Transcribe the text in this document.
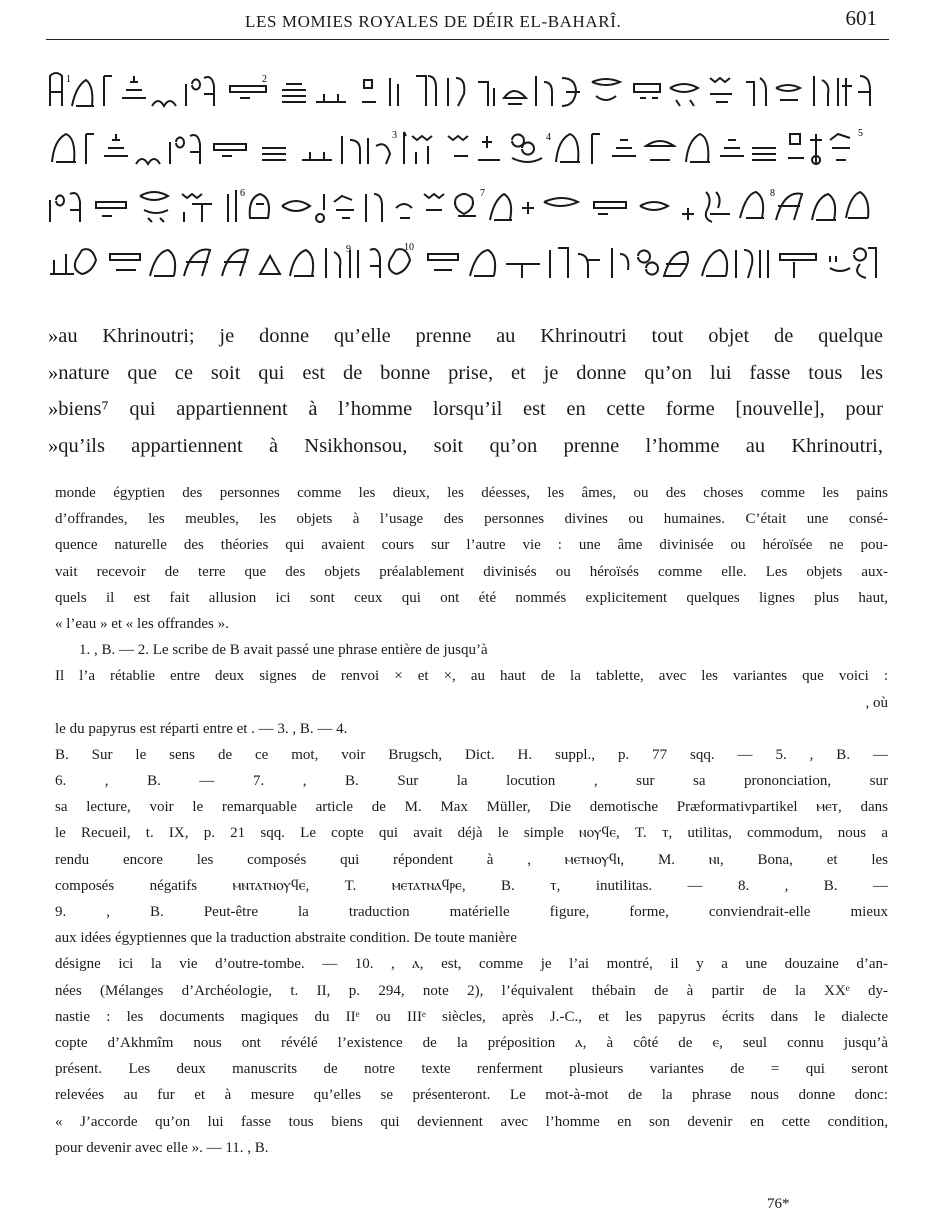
LES MOMIES ROYALES DE DÉIR EL-BAHARÎ.	601
1	2
3	4	5
6	7	8
9	10
»au Khrinoutri; je donne qu’elle prenne au Khrinoutri tout objet de quelque
»nature que ce soit qui est de bonne prise, et je donne qu’on lui fasse tous les
»biens⁷ qui appartiennent à l’homme lorsqu’il est en cette forme [nouvelle], pour
»qu’ils appartiennent à Nsikhonsou, soit qu’on prenne l’homme au Khrinoutri,
monde égyptien des personnes comme les dieux, les déesses, les âmes, ou des choses comme les pains
d’offrandes, les meubles, les objets à l’usage des personnes divines ou humaines. C’était une consé-
quence naturelle des théories qui avaient cours sur l’autre vie : une âme divinisée ou héroïsée ne pou-
vait recevoir de terre que des objets préalablement divinisés ou héroïsés comme elle. Les objets aux-
quels il est fait allusion ici sont ceux qui ont été nommés explicitement quelques lignes plus haut,
« l’eau » et « les offrandes ».
1. , B. — 2. Le scribe de B avait passé une phrase entière de jusqu’à
Il l’a rétablie entre deux signes de renvoi × et ×, au haut de la tablette, avec les variantes que voici :
, où
le du papyrus est réparti entre et . — 3. , B. — 4.
B. Sur le sens de ce mot, voir Brugsch, Dict. H. suppl., p. 77 sqq. — 5. , B. —
6. , B. — 7. , B. Sur la locution , sur sa prononciation, sur
sa lecture, voir le remarquable article de M. Max Müller, Die demotische Præformativpartikel ⲙⲉⲧ, dans
le Recueil, t. IX, p. 21 sqq. Le copte qui avait déjà le simple ⲛⲟⲩϥⲉ, T. ⲧ, utilitas, commodum, nous a
rendu encore les composés qui répondent à , ⲙⲉⲧⲛⲟⲩϥⲓ, M. ⲛⲓ, Bona, et les
composés négatifs ⲙⲛⲧⲁⲧⲛⲟⲩϥⲉ, T. ⲙⲉⲧⲁⲧⲛⲁϥⲣⲉ, B. ⲧ, inutilitas. — 8. , B. —
9. , B. Peut-être la traduction matérielle figure, forme, conviendrait-elle mieux
aux idées égyptiennes que la traduction abstraite condition. De toute manière
désigne ici la vie d’outre-tombe. — 10. , ⲁ, est, comme je l’ai montré, il y a une douzaine d’an-
nées (Mélanges d’Archéologie, t. II, p. 294, note 2), l’équivalent thébain de à partir de la XXᵉ dy-
nastie : les documents magiques du IIᵉ ou IIIᵉ siècles, après J.-C., et les papyrus écrits dans le dialecte
copte d’Akhmîm nous ont révélé l’existence de la préposition ⲁ, à côté de ⲉ, seul connu jusqu’à
présent. Les deux manuscrits de notre texte renferment plusieurs variantes de = qui seront
relevées au fur et à mesure qu’elles se présenteront. Le mot-à-mot de la phrase nous donne donc:
« J’accorde qu’on lui fasse tous biens qui deviennent avec l’homme en son devenir en cette condition,
pour devenir avec elle ». — 11. , B.
76*
